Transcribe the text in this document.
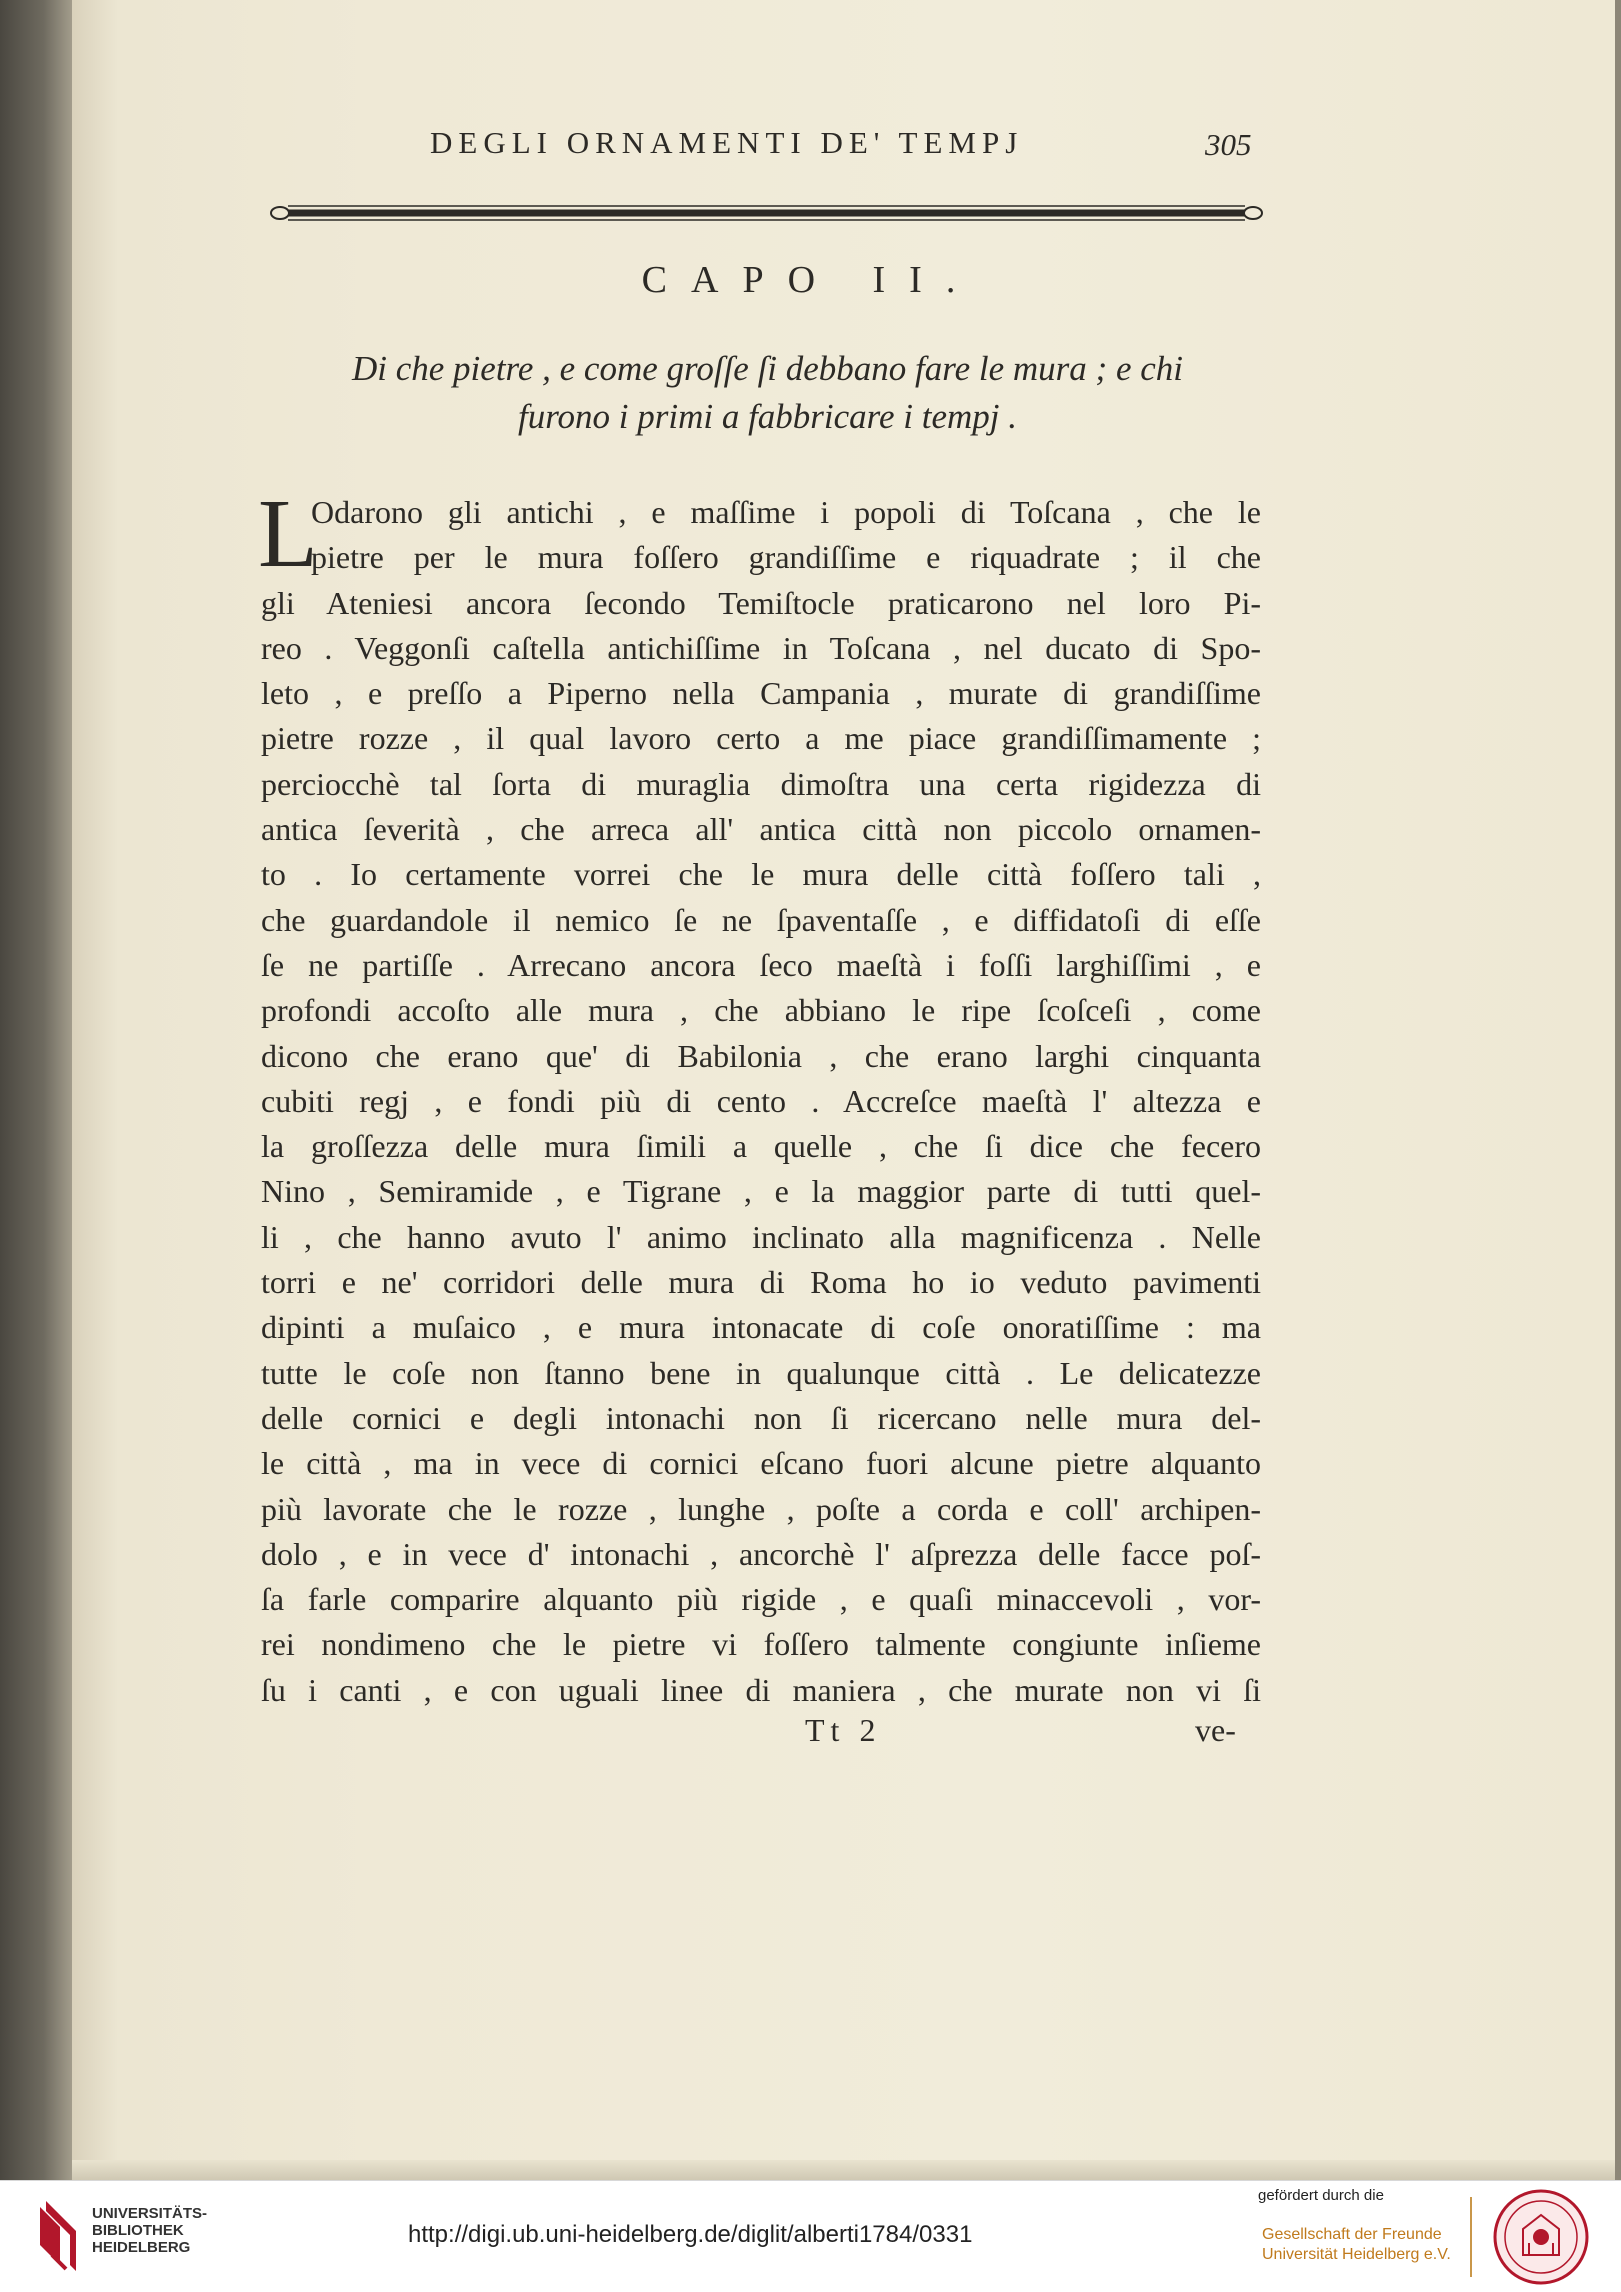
DEGLI ORNAMENTI DE' TEMPJ	305
CAPO II.
Di che pietre , e come groſſe ſi debbano fare le mura ; e chi
furono i primi a fabbricare i tempj .
L
Odarono gli antichi , e maſſime i popoli di Toſcana , che le
pietre per le mura foſſero grandiſſime e riquadrate ; il che
gli Ateniesi ancora ſecondo Temiſtocle praticarono nel loro Pi-
reo . Veggonſi caſtella antichiſſime in Toſcana , nel ducato di Spo-
leto , e preſſo a Piperno nella Campania , murate di grandiſſime
pietre rozze , il qual lavoro certo a me piace grandiſſimamente ;
perciocchè tal ſorta di muraglia dimoſtra una certa rigidezza di
antica ſeverità , che arreca all' antica città non piccolo ornamen-
to . Io certamente vorrei che le mura delle città foſſero tali ,
che guardandole il nemico ſe ne ſpaventaſſe , e diffidatoſi di eſſe
ſe ne partiſſe . Arrecano ancora ſeco maeſtà i foſſi larghiſſimi , e
profondi accoſto alle mura , che abbiano le ripe ſcoſceſi , come
dicono che erano que' di Babilonia , che erano larghi cinquanta
cubiti regj , e fondi più di cento . Accreſce maeſtà l' altezza e
la groſſezza delle mura ſimili a quelle , che ſi dice che fecero
Nino , Semiramide , e Tigrane , e la maggior parte di tutti quel-
li , che hanno avuto l' animo inclinato alla magnificenza . Nelle
torri e ne' corridori delle mura di Roma ho io veduto pavimenti
dipinti a muſaico , e mura intonacate di coſe onoratiſſime : ma
tutte le coſe non ſtanno bene in qualunque città . Le delicatezze
delle cornici e degli intonachi non ſi ricercano nelle mura del-
le città , ma in vece di cornici eſcano fuori alcune pietre alquanto
più lavorate che le rozze , lunghe , poſte a corda e coll' archipen-
dolo , e in vece d' intonachi , ancorchè l' aſprezza delle facce poſ-
ſa farle comparire alquanto più rigide , e quaſi minaccevoli , vor-
rei nondimeno che le pietre vi foſſero talmente congiunte inſieme
ſu i canti , e con uguali linee di maniera , che murate non vi ſi
Tt 2	ve-
UNIVERSITÄTS-
BIBLIOTHEK
HEIDELBERG	http://digi.ub.uni-heidelberg.de/diglit/alberti1784/0331
gefördert durch die
Gesellschaft der Freunde
Universität Heidelberg e.V.
